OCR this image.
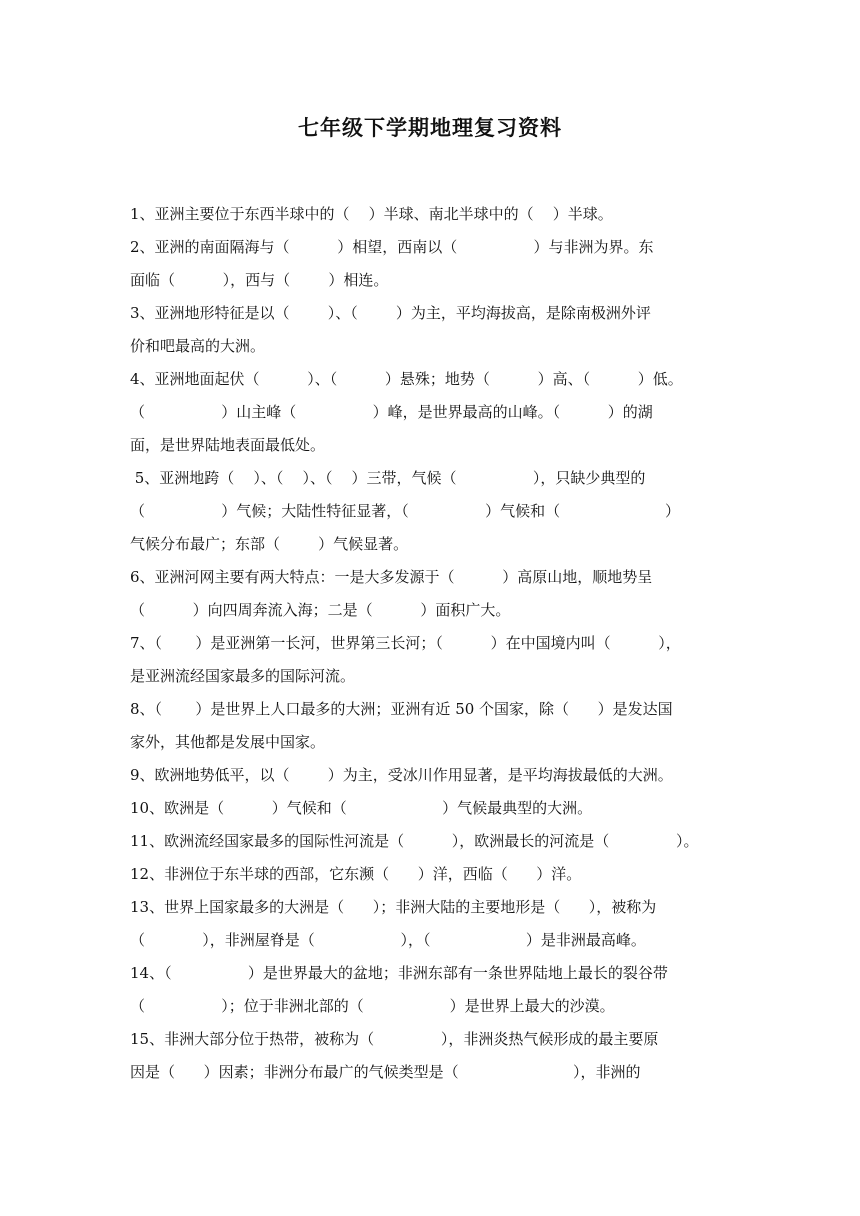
七年级下学期地理复习资料
1、亚洲主要位于东西半球中的（    ）半球、南北半球中的（    ）半球。
2、亚洲的南面隔海与（          ）相望，西南以（                ）与非洲为界。东
面临（          ），西与（        ）相连。
3、亚洲地形特征是以（        ）、（        ）为主，平均海拔高，是除南极洲外评
价和吧最高的大洲。
4、亚洲地面起伏（          ）、（          ）悬殊；地势（          ）高、（          ）低。
（                ）山主峰（                ）峰，是世界最高的山峰。（          ）的湖
面，是世界陆地表面最低处。
5、亚洲地跨（    ）、（    ）、（    ）三带，气候（                ），只缺少典型的
（                ）气候；大陆性特征显著，（                ）气候和（                      ）
气候分布最广；东部（        ）气候显著。
6、亚洲河网主要有两大特点：一是大多发源于（          ）高原山地，顺地势呈
（          ）向四周奔流入海；二是（          ）面积广大。
7、（       ）是亚洲第一长河，世界第三长河；（          ）在中国境内叫（          ），
是亚洲流经国家最多的国际河流。
8、（       ）是世界上人口最多的大洲；亚洲有近 50 个国家，除（      ）是发达国
家外，其他都是发展中国家。
9、欧洲地势低平，以（        ）为主，受冰川作用显著，是平均海拔最低的大洲。
10、欧洲是（          ）气候和（                    ）气候最典型的大洲。
11、欧洲流经国家最多的国际性河流是（          ），欧洲最长的河流是（              ）。
12、非洲位于东半球的西部，它东濒（      ）洋，西临（      ）洋。
13、世界上国家最多的大洲是（      ）；非洲大陆的主要地形是（      ），被称为
（            ），非洲屋脊是（                  ），（                    ）是非洲最高峰。
14、（                ）是世界最大的盆地；非洲东部有一条世界陆地上最长的裂谷带
（                ）；位于非洲北部的（                  ）是世界上最大的沙漠。
15、非洲大部分位于热带，被称为（              ），非洲炎热气候形成的最主要原
因是（      ）因素；非洲分布最广的气候类型是（                        ），非洲的
